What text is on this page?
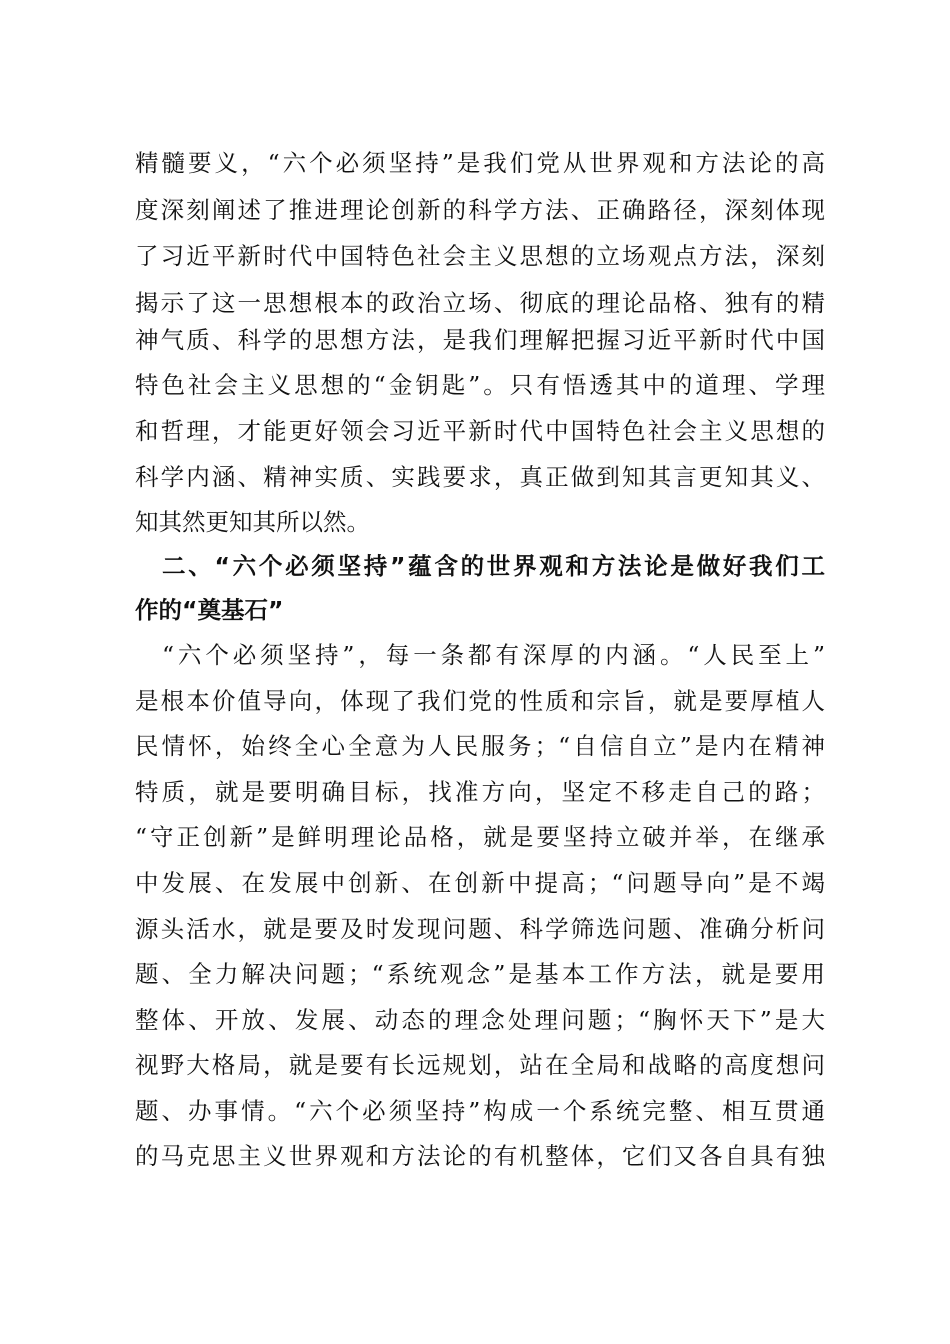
精髓要义，“六个必须坚持”是我们党从世界观和方法论的高
度深刻阐述了推进理论创新的科学方法、正确路径，深刻体现
了习近平新时代中国特色社会主义思想的立场观点方法，深刻
揭示了这一思想根本的政治立场、彻底的理论品格、独有的精
神气质、科学的思想方法，是我们理解把握习近平新时代中国
特色社会主义思想的“金钥匙”。只有悟透其中的道理、学理
和哲理，才能更好领会习近平新时代中国特色社会主义思想的
科学内涵、精神实质、实践要求，真正做到知其言更知其义、
知其然更知其所以然。
二、“六个必须坚持”蕴含的世界观和方法论是做好我们工
作的“奠基石”
“六个必须坚持”，每一条都有深厚的内涵。“人民至上”
是根本价值导向，体现了我们党的性质和宗旨，就是要厚植人
民情怀，始终全心全意为人民服务；“自信自立”是内在精神
特质，就是要明确目标，找准方向，坚定不移走自己的路；
“守正创新”是鲜明理论品格，就是要坚持立破并举，在继承
中发展、在发展中创新、在创新中提高；“问题导向”是不竭
源头活水，就是要及时发现问题、科学筛选问题、准确分析问
题、全力解决问题；“系统观念”是基本工作方法，就是要用
整体、开放、发展、动态的理念处理问题；“胸怀天下”是大
视野大格局，就是要有长远规划，站在全局和战略的高度想问
题、办事情。“六个必须坚持”构成一个系统完整、相互贯通
的马克思主义世界观和方法论的有机整体，它们又各自具有独
